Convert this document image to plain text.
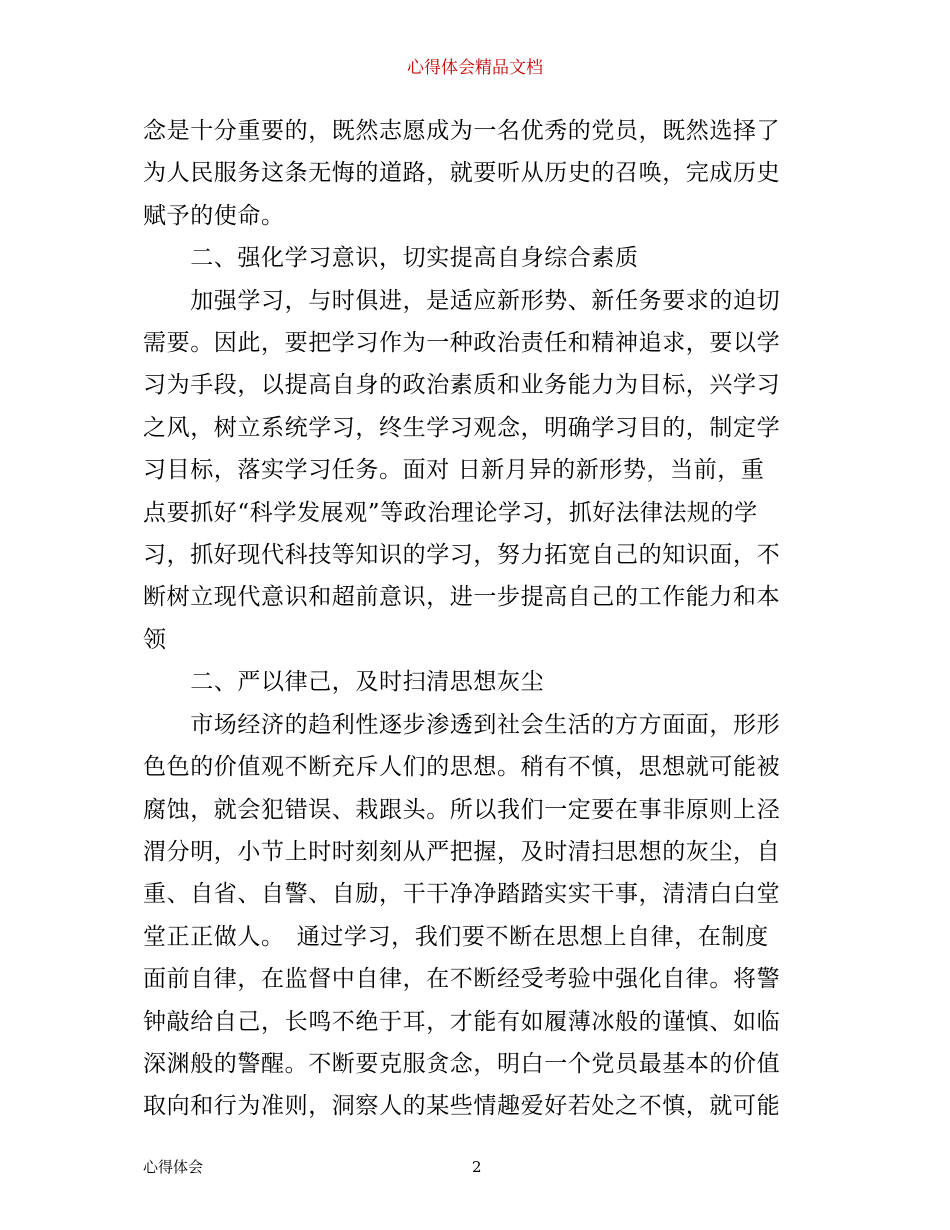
心得体会精品文档

念是十分重要的，既然志愿成为一名优秀的党员，既然选择了
为人民服务这条无悔的道路，就要听从历史的召唤，完成历史
赋予的使命。

　　二、强化学习意识，切实提高自身综合素质

　　加强学习，与时俱进，是适应新形势、新任务要求的迫切
需要。因此，要把学习作为一种政治责任和精神追求，要以学
习为手段，以提高自身的政治素质和业务能力为目标，兴学习
之风，树立系统学习，终生学习观念，明确学习目的，制定学
习目标，落实学习任务。面对 日新月异的新形势，当前，重
点要抓好“科学发展观”等政治理论学习，抓好法律法规的学
习，抓好现代科技等知识的学习，努力拓宽自己的知识面，不
断树立现代意识和超前意识，进一步提高自己的工作能力和本
领

　　二、严以律己，及时扫清思想灰尘

　　市场经济的趋利性逐步渗透到社会生活的方方面面，形形
色色的价值观不断充斥人们的思想。稍有不慎，思想就可能被
腐蚀，就会犯错误、栽跟头。所以我们一定要在事非原则上泾
渭分明，小节上时时刻刻从严把握，及时清扫思想的灰尘，自
重、自省、自警、自励，干干净净踏踏实实干事，清清白白堂
堂正正做人。　通过学习，我们要不断在思想上自律，在制度
面前自律，在监督中自律，在不断经受考验中强化自律。将警
钟敲给自己，长鸣不绝于耳，才能有如履薄冰般的谨慎、如临
深渊般的警醒。不断要克服贪念，明白一个党员最基本的价值
取向和行为准则，洞察人的某些情趣爱好若处之不慎，就可能

心得体会	2
